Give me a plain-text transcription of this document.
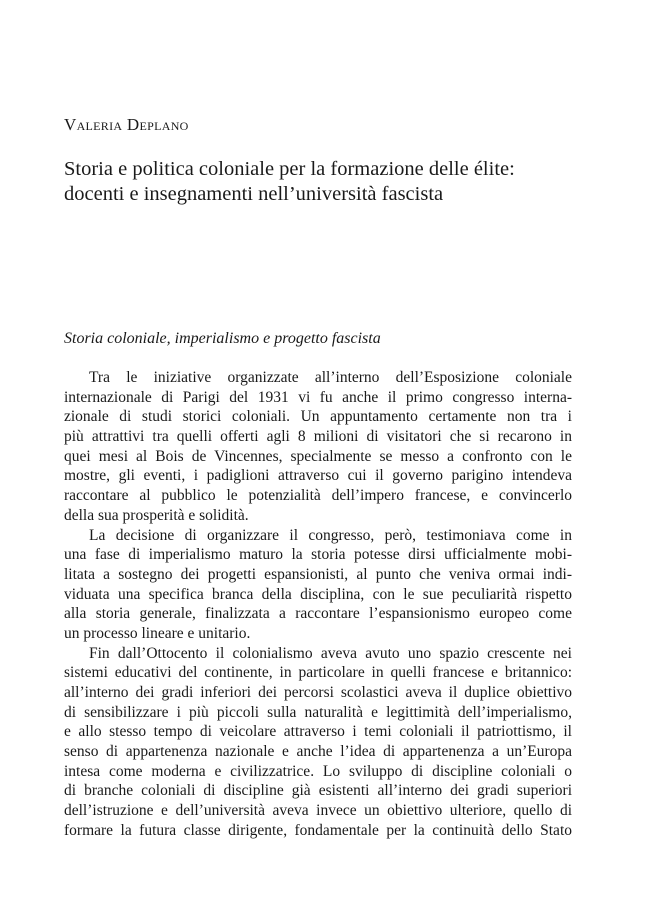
Valeria Deplano
Storia e politica coloniale per la formazione delle élite:
docenti e insegnamenti nell’università fascista
Storia coloniale, imperialismo e progetto fascista
Tra le iniziative organizzate all’interno dell’Esposizione coloniale
internazionale di Parigi del 1931 vi fu anche il primo congresso interna-
zionale di studi storici coloniali. Un appuntamento certamente non tra i
più attrattivi tra quelli offerti agli 8 milioni di visitatori che si recarono in
quei mesi al Bois de Vincennes, specialmente se messo a confronto con le
mostre, gli eventi, i padiglioni attraverso cui il governo parigino intendeva
raccontare al pubblico le potenzialità dell’impero francese, e convincerlo
della sua prosperità e solidità.
La decisione di organizzare il congresso, però, testimoniava come in
una fase di imperialismo maturo la storia potesse dirsi ufficialmente mobi-
litata a sostegno dei progetti espansionisti, al punto che veniva ormai indi-
viduata una specifica branca della disciplina, con le sue peculiarità rispetto
alla storia generale, finalizzata a raccontare l’espansionismo europeo come
un processo lineare e unitario.
Fin dall’Ottocento il colonialismo aveva avuto uno spazio crescente nei
sistemi educativi del continente, in particolare in quelli francese e britannico:
all’interno dei gradi inferiori dei percorsi scolastici aveva il duplice obiettivo
di sensibilizzare i più piccoli sulla naturalità e legittimità dell’imperialismo,
e allo stesso tempo di veicolare attraverso i temi coloniali il patriottismo, il
senso di appartenenza nazionale e anche l’idea di appartenenza a un’Europa
intesa come moderna e civilizzatrice. Lo sviluppo di discipline coloniali o
di branche coloniali di discipline già esistenti all’interno dei gradi superiori
dell’istruzione e dell’università aveva invece un obiettivo ulteriore, quello di
formare la futura classe dirigente, fondamentale per la continuità dello Stato
